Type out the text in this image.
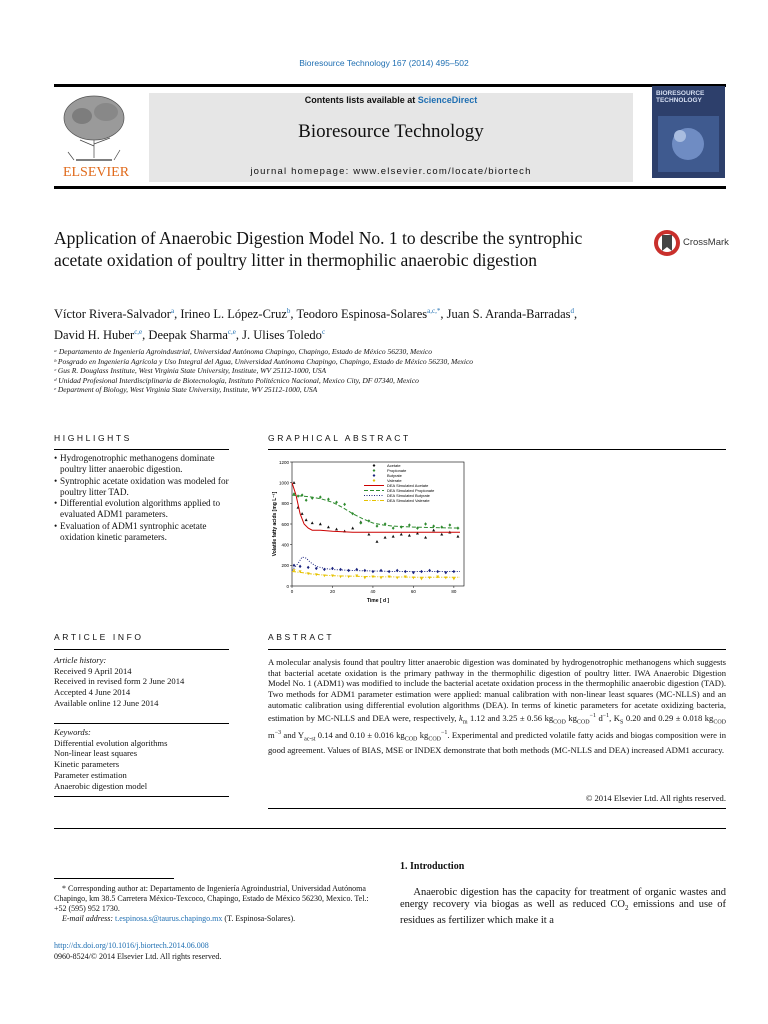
Bioresource Technology 167 (2014) 495–502
ELSEVIER
Contents lists available at ScienceDirect
Bioresource Technology
journal homepage: www.elsevier.com/locate/biortech
BIORESOURCE TECHNOLOGY
Application of Anaerobic Digestion Model No. 1 to describe the syntrophic acetate oxidation of poultry litter in thermophilic anaerobic digestion
CrossMark
Víctor Rivera-Salvador$^a$, Irineo L. López-Cruz$^b$, Teodoro Espinosa-Solares$^{a,c,*}$, Juan S. Aranda-Barradas$^d$,
David H. Huber$^{c,e}$, Deepak Sharma$^{c,e}$, J. Ulises Toledo$^c$
ᵃ Departamento de Ingeniería Agroindustrial, Universidad Autónoma Chapingo, Chapingo, Estado de México 56230, Mexico
ᵇ Posgrado en Ingeniería Agrícola y Uso Integral del Agua, Universidad Autónoma Chapingo, Chapingo, Estado de México 56230, Mexico
ᶜ Gus R. Douglass Institute, West Virginia State University, Institute, WV 25112-1000, USA
ᵈ Unidad Profesional Interdisciplinaria de Biotecnología, Instituto Politécnico Nacional, Mexico City, DF 07340, Mexico
ᵉ Department of Biology, West Virginia State University, Institute, WV 25112-1000, USA
HIGHLIGHTS
• Hydrogenotrophic methanogens dominate poultry litter anaerobic digestion.
• Syntrophic acetate oxidation was modeled for poultry litter TAD.
• Differential evolution algorithms applied to evaluated ADM1 parameters.
• Evaluation of ADM1 syntrophic acetate oxidation kinetic parameters.
GRAPHICAL ABSTRACT
0
200
400
600
800
1000
1200
0	20	40	60	80
Time [ d ]
Volatile fatty acids [mg L⁻¹]
Acetate
Propionate
Butyrate
Valerate
DEA Simulated Acetate
DEA Simulated Propionate
DEA Simulated Butyrate
DEA Simulated Valerate
ARTICLE INFO
Article history:
Received 9 April 2014
Received in revised form 2 June 2014
Accepted 4 June 2014
Available online 12 June 2014
Keywords:
Differential evolution algorithms
Non-linear least squares
Kinetic parameters
Parameter estimation
Anaerobic digestion model
ABSTRACT
A molecular analysis found that poultry litter anaerobic digestion was dominated by hydrogenotrophic methanogens which suggests that bacterial acetate oxidation is the primary pathway in the thermophilic digestion of poultry litter. IWA Anaerobic Digestion Model No. 1 (ADM1) was modified to include the bacterial acetate oxidation process in the thermophilic anaerobic digestion (TAD). Two methods for ADM1 parameter estimation were applied: manual calibration with non-linear least squares (MC-NLLS) and an automatic calibration using differential evolution algorithms (DEA). In terms of kinetic parameters for acetate oxidizing bacteria, estimation by MC-NLLS and DEA were, respectively, $k_m$ 1.12 and 3.25 ± 0.56 $kg_{COD}$ $kg_{COD}^{-1}$ $d^{-1}$, $K_S$ 0.20 and 0.29 ± 0.018 $kg_{COD}$ $m^{-3}$ and $Y_{ac-st}$ 0.14 and 0.10 ± 0.016 $kg_{COD}$ $kg_{COD}^{-1}$. Experimental and predicted volatile fatty acids and biogas composition were in good agreement. Values of BIAS, MSE or INDEX demonstrate that both methods (MC-NLLS and DEA) increased ADM1 accuracy.
© 2014 Elsevier Ltd. All rights reserved.
1. Introduction
Anaerobic digestion has the capacity for treatment of organic wastes and energy recovery via biogas as well as reduced $CO_2$ emissions and use of residues as fertilizer which make it a
* Corresponding author at: Departamento de Ingeniería Agroindustrial, Universidad Autónoma Chapingo, km 38.5 Carretera México-Texcoco, Chapingo, Estado de México 56230, Mexico. Tel.: +52 (595) 952 1730.
E-mail address: t.espinosa.s@taurus.chapingo.mx (T. Espinosa-Solares).
http://dx.doi.org/10.1016/j.biortech.2014.06.008
0960-8524/© 2014 Elsevier Ltd. All rights reserved.
